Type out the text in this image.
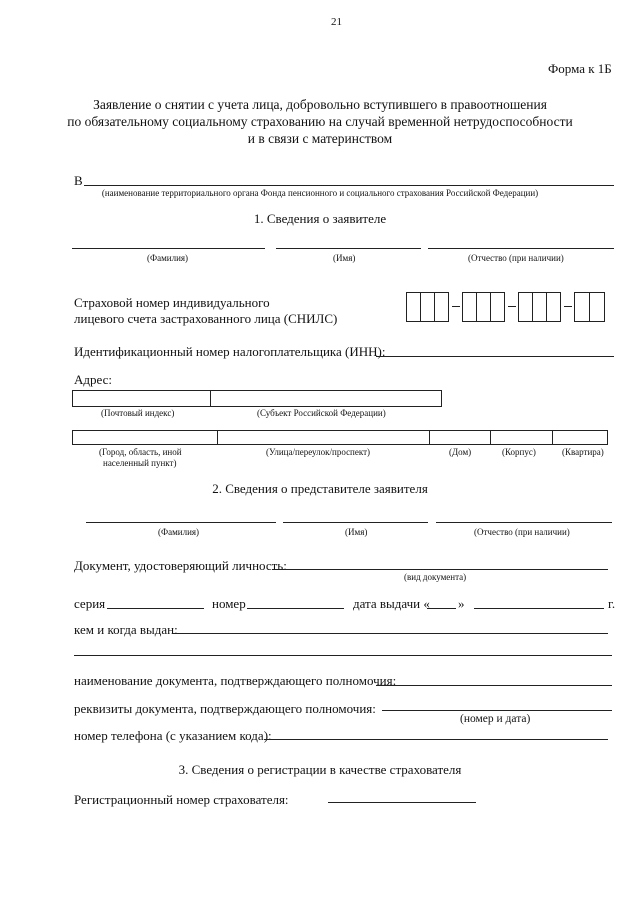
21
Форма к 1Б
Заявление о снятии с учета лица, добровольно вступившего в правоотношения
по обязательному социальному страхованию на случай временной нетрудоспособности
и в связи с материнством
В
(наименование территориального органа Фонда пенсионного и социального страхования Российской Федерации)
1. Сведения о заявителе
(Фамилия)	(Имя)	(Отчество (при наличии)
Страховой номер индивидуального
лицевого счета застрахованного лица (СНИЛС)
Идентификационный номер налогоплательщика (ИНН):
Адрес:
(Почтовый индекс)	(Субъект Российской Федерации)
(Город, область, иной
населенный пункт)
(Улица/переулок/проспект)	(Дом)	(Корпус)	(Квартира)
2. Сведения о представителе заявителя
(Фамилия)	(Имя)	(Отчество (при наличии)
Документ, удостоверяющий личность:
(вид документа)
серия	номер	дата выдачи « »	г.
кем и когда выдан:
наименование документа, подтверждающего полномочия:
реквизиты документа, подтверждающего полномочия:
(номер и дата)
номер телефона (с указанием кода):
3. Сведения о регистрации в качестве страхователя
Регистрационный номер страхователя:
